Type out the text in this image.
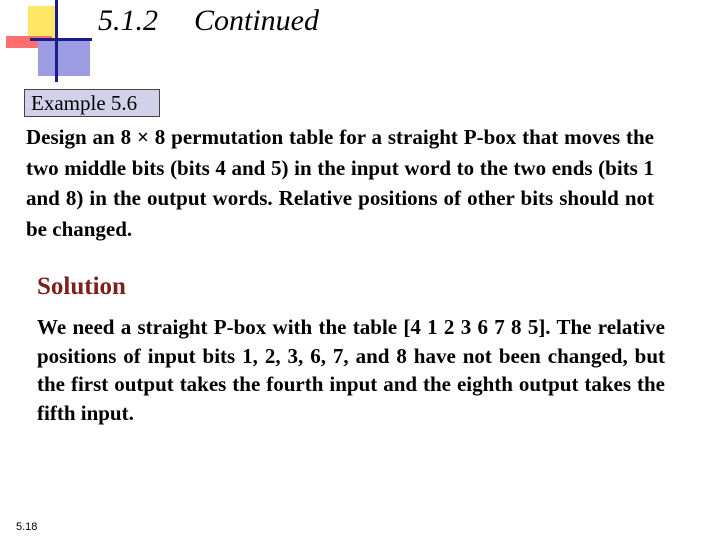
5.1.2 Continued
Example 5.6
Design an 8 × 8 permutation table for a straight P-box that moves the two middle bits (bits 4 and 5) in the input word to the two ends (bits 1 and 8) in the output words. Relative positions of other bits should not be changed.
Solution
We need a straight P-box with the table [4 1 2 3 6 7 8 5]. The relative positions of input bits 1, 2, 3, 6, 7, and 8 have not been changed, but the first output takes the fourth input and the eighth output takes the fifth input.
5.18
